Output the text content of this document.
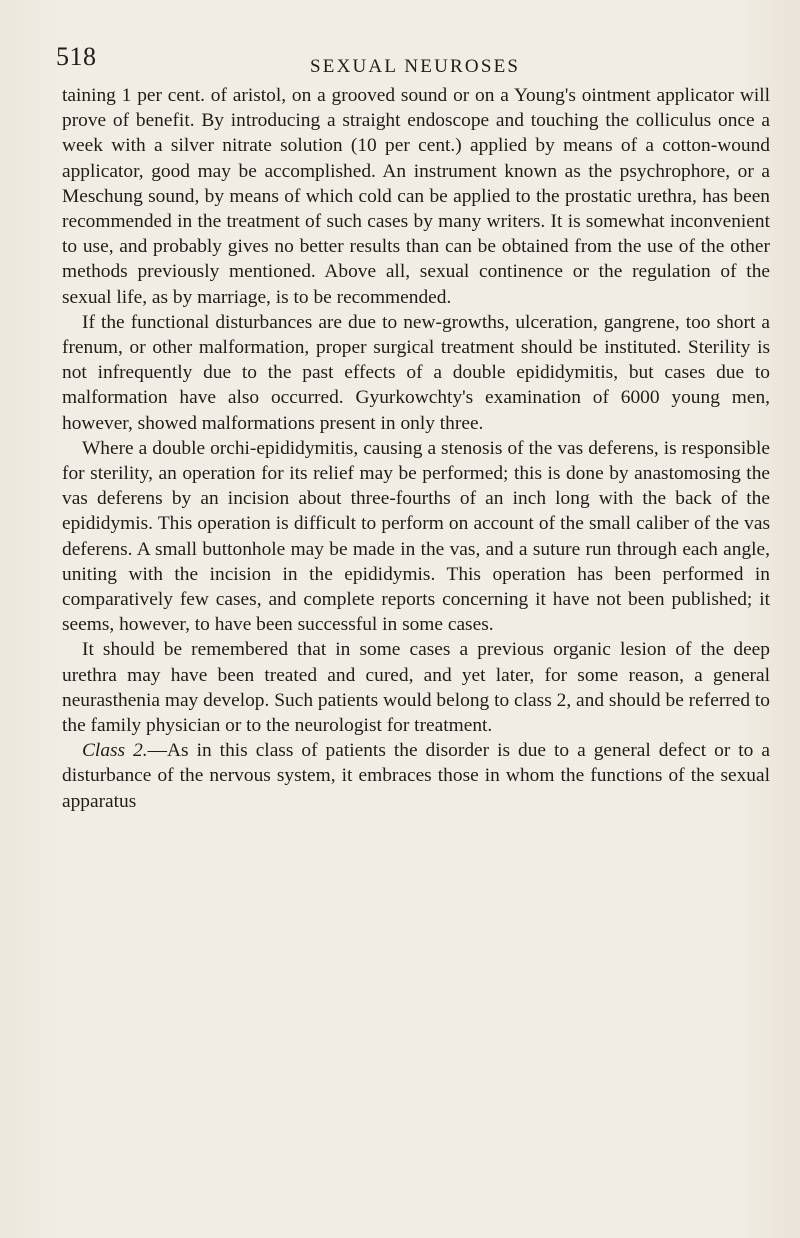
518	SEXUAL NEUROSES

taining 1 per cent. of aristol, on a grooved sound or on a Young's ointment applicator will prove of benefit. By introducing a straight endoscope and touching the colliculus once a week with a silver nitrate solution (10 per cent.) applied by means of a cotton-wound applicator, good may be accomplished. An instrument known as the psychrophore, or a Meschung sound, by means of which cold can be applied to the prostatic urethra, has been recommended in the treatment of such cases by many writers. It is somewhat inconvenient to use, and probably gives no better results than can be obtained from the use of the other methods previously mentioned. Above all, sexual continence or the regulation of the sexual life, as by marriage, is to be recommended.

If the functional disturbances are due to new-growths, ulceration, gangrene, too short a frenum, or other malformation, proper surgical treatment should be instituted. Sterility is not infrequently due to the past effects of a double epididymitis, but cases due to malformation have also occurred. Gyurkowchty's examination of 6000 young men, however, showed malformations present in only three.

Where a double orchi-epididymitis, causing a stenosis of the vas deferens, is responsible for sterility, an operation for its relief may be performed; this is done by anastomosing the vas deferens by an incision about three-fourths of an inch long with the back of the epididymis. This operation is difficult to perform on account of the small caliber of the vas deferens. A small buttonhole may be made in the vas, and a suture run through each angle, uniting with the incision in the epididymis. This operation has been performed in comparatively few cases, and complete reports concerning it have not been published; it seems, however, to have been successful in some cases.

It should be remembered that in some cases a previous organic lesion of the deep urethra may have been treated and cured, and yet later, for some reason, a general neurasthenia may develop. Such patients would belong to class 2, and should be referred to the family physician or to the neurologist for treatment.

Class 2.—As in this class of patients the disorder is due to a general defect or to a disturbance of the nervous system, it embraces those in whom the functions of the sexual apparatus
